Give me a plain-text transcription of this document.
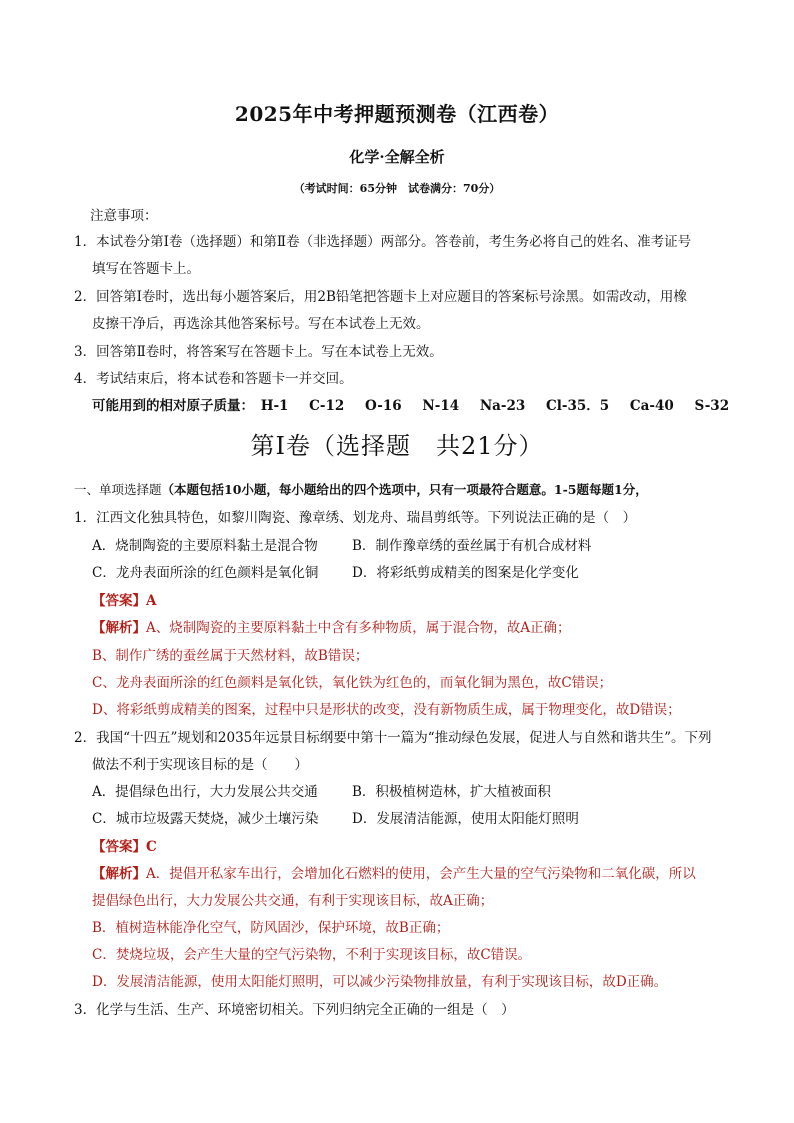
2025年中考押题预测卷（江西卷）
化学·全解全析
（考试时间：65分钟　试卷满分：70分）
注意事项：
1．本试卷分第Ⅰ卷（选择题）和第Ⅱ卷（非选择题）两部分。答卷前，考生务必将自己的姓名、准考证号
填写在答题卡上。
2．回答第Ⅰ卷时，选出每小题答案后，用2B铅笔把答题卡上对应题目的答案标号涂黑。如需改动，用橡
皮擦干净后，再选涂其他答案标号。写在本试卷上无效。
3．回答第Ⅱ卷时，将答案写在答题卡上。写在本试卷上无效。
4．考试结束后，将本试卷和答题卡一并交回。
可能用到的相对原子质量： H-1 C-12 O-16 N-14 Na-23 Cl-35．5 Ca-40 S-32
第Ⅰ卷（选择题　共21分）
一、单项选择题（本题包括10小题，每小题给出的四个选项中，只有一项最符合题意。1-5题每题1分，
1．江西文化独具特色，如黎川陶瓷、豫章绣、划龙舟、瑞昌剪纸等。下列说法正确的是（　）
A．烧制陶瓷的主要原料黏土是混合物	B．制作豫章绣的蚕丝属于有机合成材料
C．龙舟表面所涂的红色颜料是氧化铜 D．将彩纸剪成精美的图案是化学变化
【答案】A
【解析】A、烧制陶瓷的主要原料黏土中含有多种物质，属于混合物，故A正确；
B、制作广绣的蚕丝属于天然材料，故B错误；
C、龙舟表面所涂的红色颜料是氧化铁，氧化铁为红色的，而氧化铜为黑色，故C错误；
D、将彩纸剪成精美的图案，过程中只是形状的改变，没有新物质生成，属于物理变化，故D错误；
2．我国“十四五”规划和2035年远景目标纲要中第十一篇为“推动绿色发展，促进人与自然和谐共生”。下列
做法不利于实现该目标的是（　　）
A．提倡绿色出行，大力发展公共交通	B．积极植树造林，扩大植被面积
C．城市垃圾露天焚烧，减少土壤污染 D．发展清洁能源，使用太阳能灯照明
【答案】C
【解析】A．提倡开私家车出行，会增加化石燃料的使用，会产生大量的空气污染物和二氧化碳，所以
提倡绿色出行，大力发展公共交通，有利于实现该目标，故A正确；
B．植树造林能净化空气，防风固沙，保护环境，故B正确；
C．焚烧垃圾，会产生大量的空气污染物，不利于实现该目标，故C错误。
D．发展清洁能源，使用太阳能灯照明，可以减少污染物排放量，有利于实现该目标，故D正确。
3．化学与生活、生产、环境密切相关。下列归纳完全正确的一组是（　）
